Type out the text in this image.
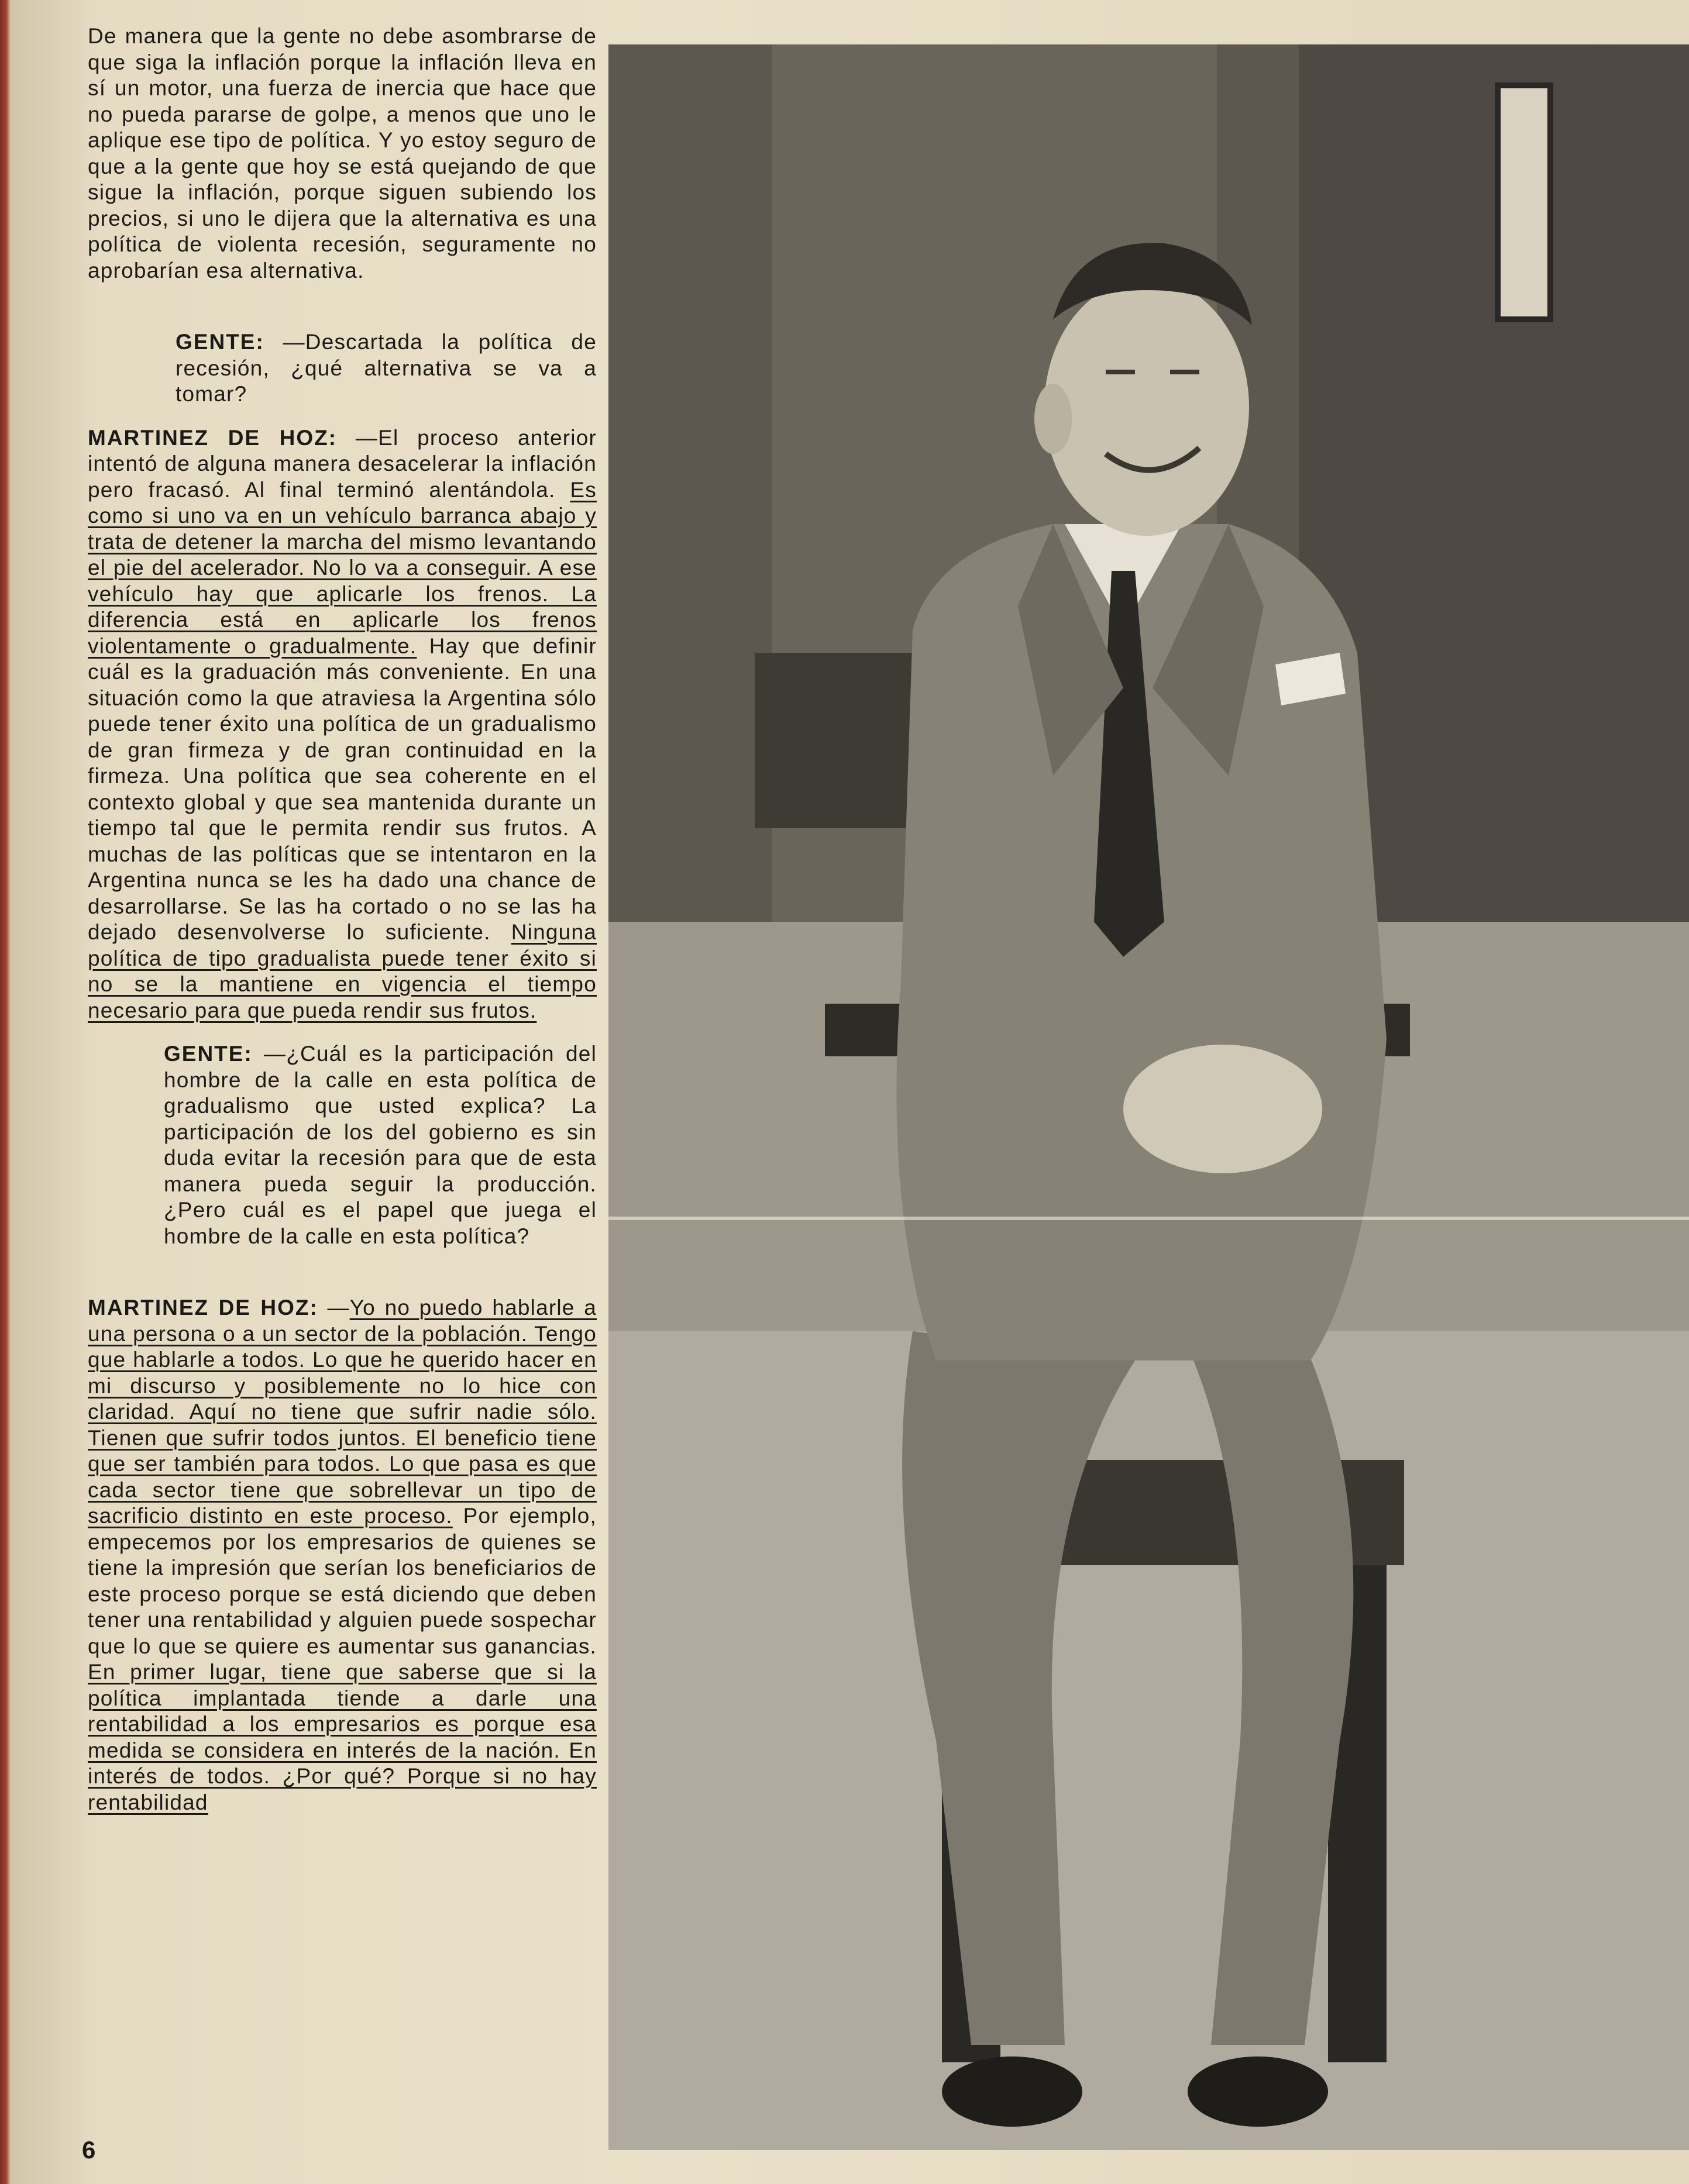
De manera que la gente no debe asombrarse de que siga la inflación porque la inflación lleva en sí un motor, una fuerza de inercia que hace que no pueda pararse de golpe, a menos que uno le aplique ese tipo de política. Y yo estoy seguro de que a la gente que hoy se está quejando de que sigue la inflación, porque siguen subiendo los precios, si uno le dijera que la alternativa es una política de violenta recesión, seguramente no aprobarían esa alternativa.

GENTE: —Descartada la política de recesión, ¿qué alternativa se va a tomar?

MARTINEZ DE HOZ: —El proceso anterior intentó de alguna manera desacelerar la inflación pero fracasó. Al final terminó alentándola. Es como si uno va en un vehículo barranca abajo y trata de detener la marcha del mismo levantando el pie del acelerador. No lo va a conseguir. A ese vehículo hay que aplicarle los frenos. La diferencia está en aplicarle los frenos violentamente o gradualmente. Hay que definir cuál es la graduación más conveniente. En una situación como la que atraviesa la Argentina sólo puede tener éxito una política de un gradualismo de gran firmeza y de gran continuidad en la firmeza. Una política que sea coherente en el contexto global y que sea mantenida durante un tiempo tal que le permita rendir sus frutos. A muchas de las políticas que se intentaron en la Argentina nunca se les ha dado una chance de desarrollarse. Se las ha cortado o no se las ha dejado desenvolverse lo suficiente. Ninguna política de tipo gradualista puede tener éxito si no se la mantiene en vigencia el tiempo necesario para que pueda rendir sus frutos.

GENTE: —¿Cuál es la participación del hombre de la calle en esta política de gradualismo que usted explica? La participación de los del gobierno es sin duda evitar la recesión para que de esta manera pueda seguir la producción. ¿Pero cuál es el papel que juega el hombre de la calle en esta política?

MARTINEZ DE HOZ: —Yo no puedo hablarle a una persona o a un sector de la población. Tengo que hablarle a todos. Lo que he querido hacer en mi discurso y posiblemente no lo hice con claridad. Aquí no tiene que sufrir nadie sólo. Tienen que sufrir todos juntos. El beneficio tiene que ser también para todos. Lo que pasa es que cada sector tiene que sobrellevar un tipo de sacrificio distinto en este proceso. Por ejemplo, empecemos por los empresarios de quienes se tiene la impresión que serían los beneficiarios de este proceso porque se está diciendo que deben tener una rentabilidad y alguien puede sospechar que lo que se quiere es aumentar sus ganancias. En primer lugar, tiene que saberse que si la política implantada tiende a darle una rentabilidad a los empresarios es porque esa medida se considera en interés de la nación. En interés de todos. ¿Por qué? Porque si no hay rentabilidad

6
